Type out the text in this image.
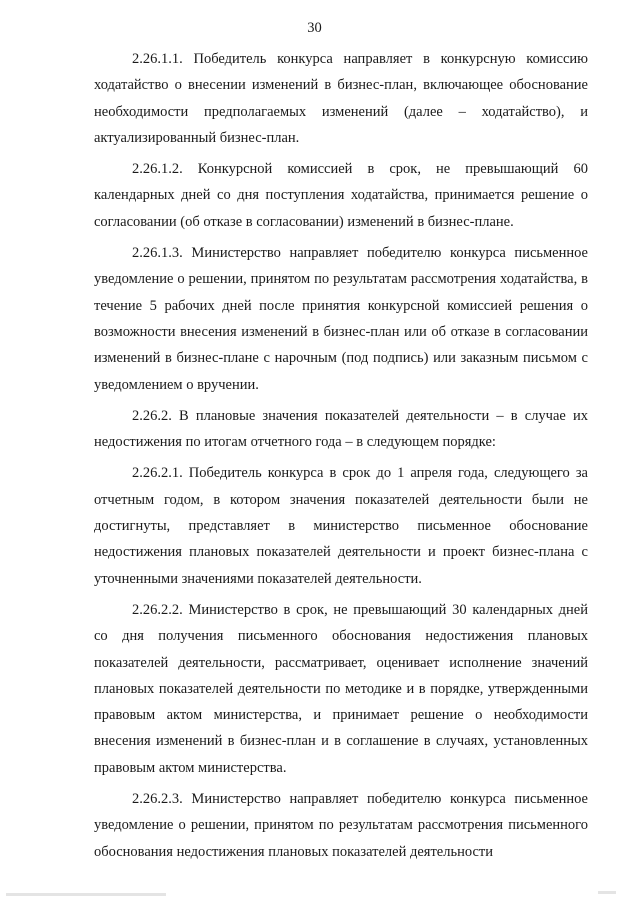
30

2.26.1.1. Победитель конкурса направляет в конкурсную комиссию ходатайство о внесении изменений в бизнес-план, включающее обоснование необходимости предполагаемых изменений (далее – ходатайство), и актуализированный бизнес-план.

2.26.1.2. Конкурсной комиссией в срок, не превышающий 60 календарных дней со дня поступления ходатайства, принимается решение о согласовании (об отказе в согласовании) изменений в бизнес-плане.

2.26.1.3. Министерство направляет победителю конкурса письменное уведомление о решении, принятом по результатам рассмотрения ходатайства, в течение 5 рабочих дней после принятия конкурсной комиссией решения о возможности внесения изменений в бизнес-план или об отказе в согласовании изменений в бизнес-плане с нарочным (под подпись) или заказным письмом с уведомлением о вручении.

2.26.2. В плановые значения показателей деятельности – в случае их недостижения по итогам отчетного года – в следующем порядке:

2.26.2.1. Победитель конкурса в срок до 1 апреля года, следующего за отчетным годом, в котором значения показателей деятельности были не достигнуты, представляет в министерство письменное обоснование недостижения плановых показателей деятельности и проект бизнес-плана с уточненными значениями показателей деятельности.

2.26.2.2. Министерство в срок, не превышающий 30 календарных дней со дня получения письменного обоснования недостижения плановых показателей деятельности, рассматривает, оценивает исполнение значений плановых показателей деятельности по методике и в порядке, утвержденными правовым актом министерства, и принимает решение о необходимости внесения изменений в бизнес-план и в соглашение в случаях, установленных правовым актом министерства.

2.26.2.3. Министерство направляет победителю конкурса письменное уведомление о решении, принятом по результатам рассмотрения письменного обоснования недостижения плановых показателей деятельности
